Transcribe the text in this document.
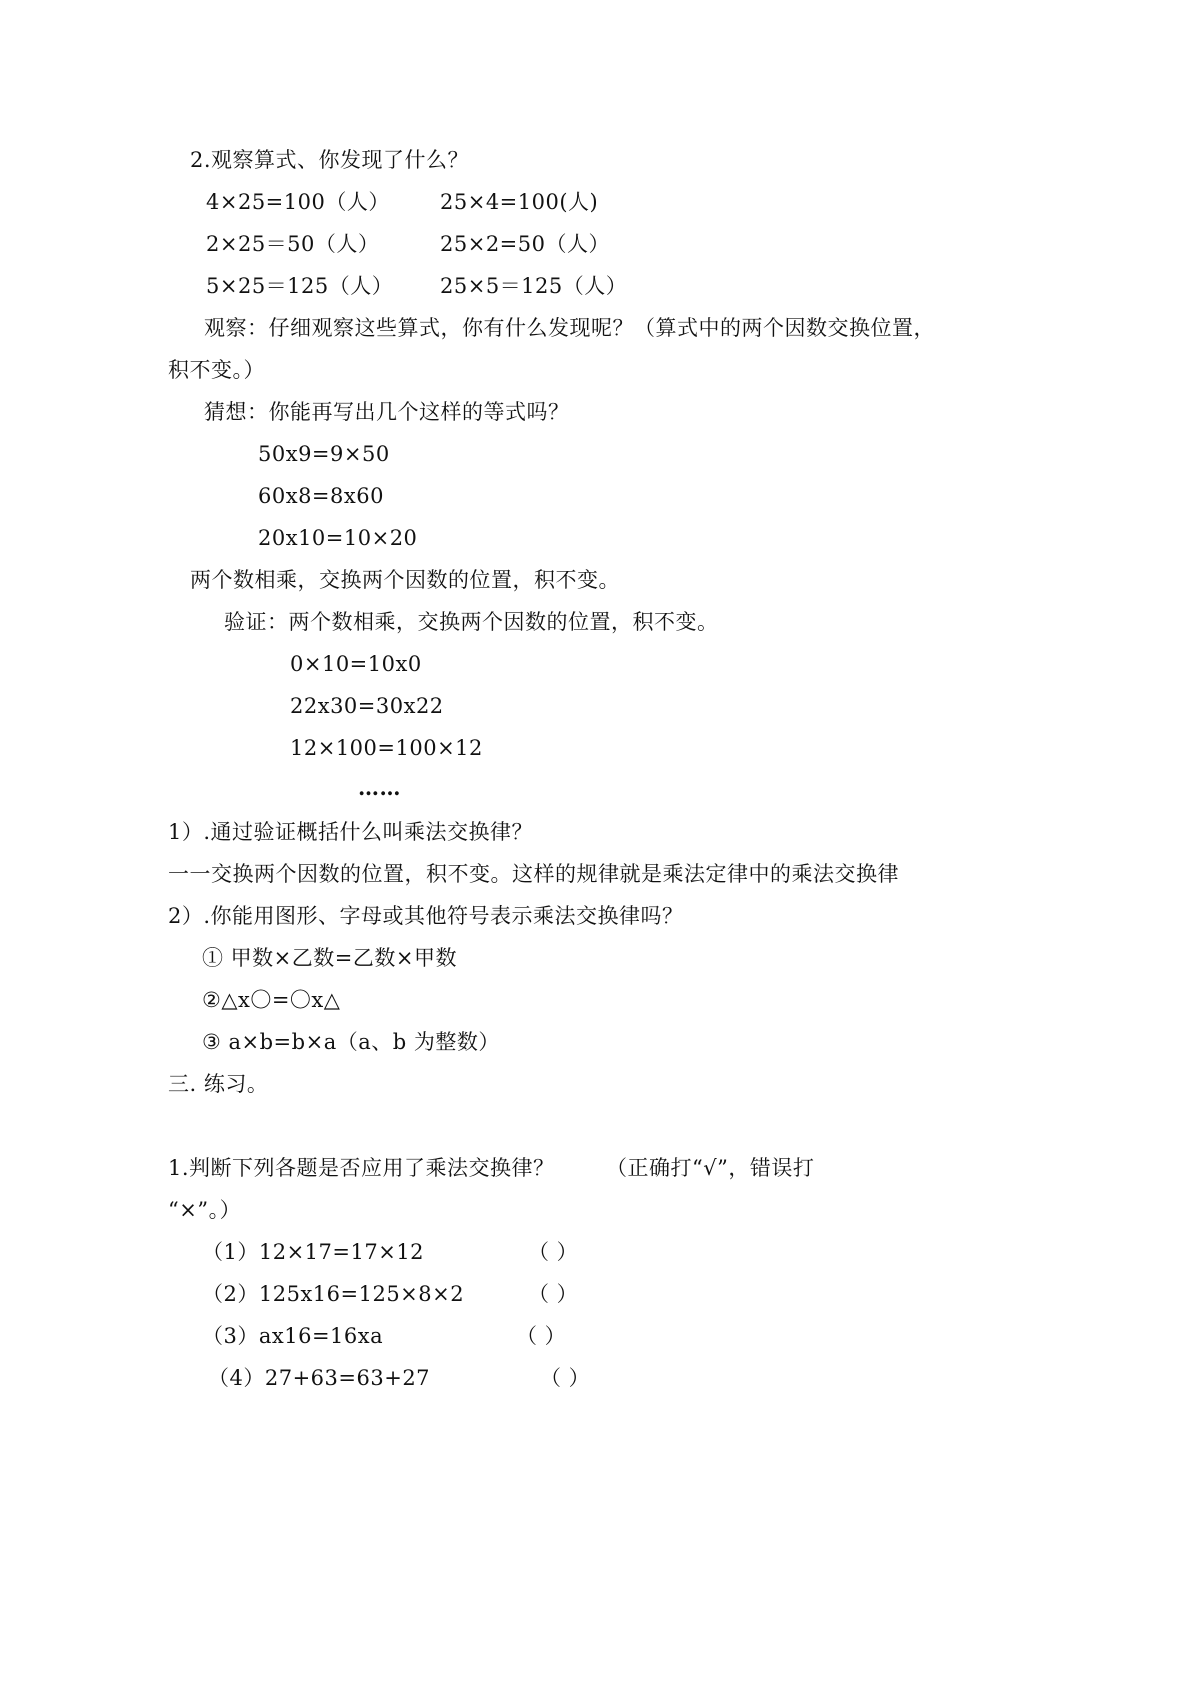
2.观察算式、你发现了什么？
4×25=100（人） 25×4=100(人)
2×25＝50（人）	25×2=50（人）
5×25＝125（人） 25×5＝125（人）
观察：仔细观察这些算式，你有什么发现呢？（算式中的两个因数交换位置，
积不变。）
猜想：你能再写出几个这样的等式吗？
50x9=9×50
60x8=8x60
20x10=10×20
两个数相乘，交换两个因数的位置，积不变。
验证：两个数相乘，交换两个因数的位置，积不变。
0×10=10x0
22x30=30x22
12×100=100×12
……
1）.通过验证概括什么叫乘法交换律？
一一交换两个因数的位置，积不变。这样的规律就是乘法定律中的乘法交换律
2）.你能用图形、字母或其他符号表示乘法交换律吗？
① 甲数×乙数=乙数×甲数
②△x〇=〇x△
③ a×b=b×a（a、b 为整数）
三. 练习。
1.判断下列各题是否应用了乘法交换律？ （正确打“√”，错误打
“×”。）
（1）12×17=17×12	（ ）
（2）125x16=125×8×2	（ ）
（3）ax16=16xa	（ ）
（4）27+63=63+27	（ ）
